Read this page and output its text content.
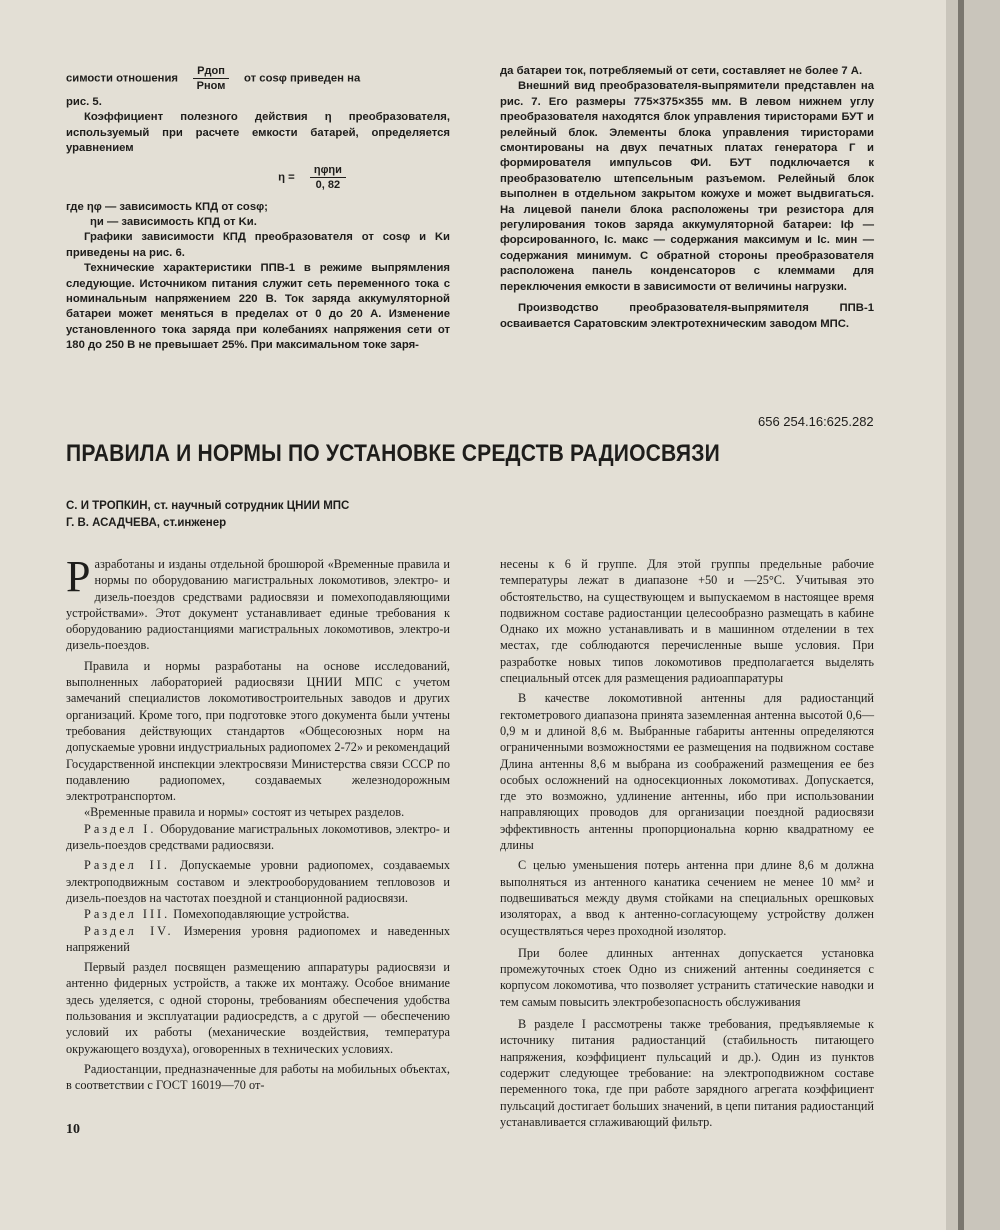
симости отношения $\frac{\text{Pдоп}}{\text{Pном}}$ от cosφ приведен на

рис. 5.

Коэффициент полезного действия η преобразователя, используемый при расчете емкости батарей, определяется уравнением

$\eta = \frac{\text{ηφηи}}{0, 82}$

где ηφ — зависимость КПД от cosφ;

ηи — зависимость КПД от Kи.

Графики зависимости КПД преобразователя от cosφ и Kи приведены на рис. 6.

Технические характеристики ППВ-1 в режиме выпрямления следующие. Источником питания служит сеть переменного тока с номинальным напряжением 220 В. Ток заряда аккумуляторной батареи может меняться в пределах от 0 до 20 А. Изменение установленного тока заряда при колебаниях напряжения сети от 180 до 250 В не превышает 25%. При максимальном токе заря-

да батареи ток, потребляемый от сети, составляет не более 7 А.

Внешний вид преобразователя-выпрямители представлен на рис. 7. Его размеры 775×375×355 мм. В левом нижнем углу преобразователя находятся блок управления тиристорами БУТ и релейный блок. Элементы блока управления тиристорами смонтированы на двух печатных платах генератора Г и формирователя импульсов ФИ. БУТ подключается к преобразователю штепсельным разъемом. Релейный блок выполнен в отдельном закрытом кожухе и может выдвигаться. На лицевой панели блока расположены три резистора для регулирования токов заряда аккумуляторной батареи: Iф — форсированного, Iс. макс — содержания максимум и Iс. мин — содержания минимум. С обратной стороны преобразователя расположена панель конденсаторов с клеммами для переключения емкости в зависимости от величины нагрузки.

Производство преобразователя-выпрямителя ППВ-1 осваивается Саратовским электротехническим заводом МПС.

656 254.16:625.282
ПРАВИЛА И НОРМЫ ПО УСТАНОВКЕ СРЕДСТВ РАДИОСВЯЗИ
С. И ТРОПКИН, ст. научный сотрудник ЦНИИ МПС
Г. В. АСАДЧЕВА, ст.инженер

Разработаны и изданы отдельной брошюрой «Временные правила и нормы по оборудованию магистральных локомотивов, электро- и дизель-поездов средствами радиосвязи и помехоподавляющими устройствами». Этот документ устанавливает единые требования к оборудованию радиостанциями магистральных локомотивов, электро-и дизель-поездов.

Правила и нормы разработаны на основе исследований, выполненных лабораторией радиосвязи ЦНИИ МПС с учетом замечаний специалистов локомотивостроительных заводов и других организаций. Кроме того, при подготовке этого документа были учтены требования действующих стандартов «Общесоюзных норм на допускаемые уровни индустриальных радиопомех 2-72» и рекомендаций Государственной инспекции электросвязи Министерства связи СССР по подавлению радиопомех, создаваемых железнодорожным электротранспортом.

«Временные правила и нормы» состоят из четырех разделов.

Раздел I. Оборудование магистральных локомотивов, электро- и дизель-поездов средствами радиосвязи.

Раздел II. Допускаемые уровни радиопомех, создаваемых электроподвижным составом и электрооборудованием тепловозов и дизель-поездов на частотах поездной и станционной радиосвязи.

Раздел III. Помехоподавляющие устройства.

Раздел IV. Измерения уровня радиопомех и наведенных напряжений

Первый раздел посвящен размещению аппаратуры радиосвязи и антенно фидерных устройств, а также их монтажу. Особое внимание здесь уделяется, с одной стороны, требованиям обеспечения удобства пользования и эксплуатации радиосредств, а с другой — обеспечению условий их работы (механические воздействия, температура окружающего воздуха), оговоренных в технических условиях.

Радиостанции, предназначенные для работы на мобильных объектах, в соответствии с ГОСТ 16019—70 от-

несены к 6 й группе. Для этой группы предельные рабочие температуры лежат в диапазоне +50 и —25°С. Учитывая это обстоятельство, на существующем и выпускаемом в настоящее время подвижном составе радиостанции целесообразно размещать в кабине Однако их можно устанавливать и в машинном отделении в тех местах, где соблюдаются перечисленные выше условия. При разработке новых типов локомотивов предполагается выделять специальный отсек для размещения радиоаппаратуры

В качестве локомотивной антенны для радиостанций гектометрового диапазона принята заземленная антенна высотой 0,6—0,9 м и длиной 8,6 м. Выбранные габариты антенны определяются ограниченными возможностями ее размещения на подвижном составе Длина антенны 8,6 м выбрана из соображений размещения ее без особых осложнений на односекционных локомотивах. Допускается, где это возможно, удлинение антенны, ибо при использовании направляющих проводов для организации поездной радиосвязи эффективность антенны пропорциональна корню квадратному ее длины

С целью уменьшения потерь антенна при длине 8,6 м должна выполняться из антенного канатика сечением не менее 10 мм² и подвешиваться между двумя стойками на специальных орешковых изоляторах, а ввод к антенно-согласующему устройству должен осуществляться через проходной изолятор.

При более длинных антеннах допускается установка промежуточных стоек Одно из снижений антенны соединяется с корпусом локомотива, что позволяет устранить статические наводки и тем самым повысить электробезопасность обслуживания

В разделе I рассмотрены также требования, предъявляемые к источнику питания радиостанций (стабильность питающего напряжения, коэффициент пульсаций и др.). Один из пунктов содержит следующее требование: на электроподвижном составе переменного тока, где при работе зарядного агрегата коэффициент пульсаций достигает больших значений, в цепи питания радиостанций устанавливается сглаживающий фильтр.

10
